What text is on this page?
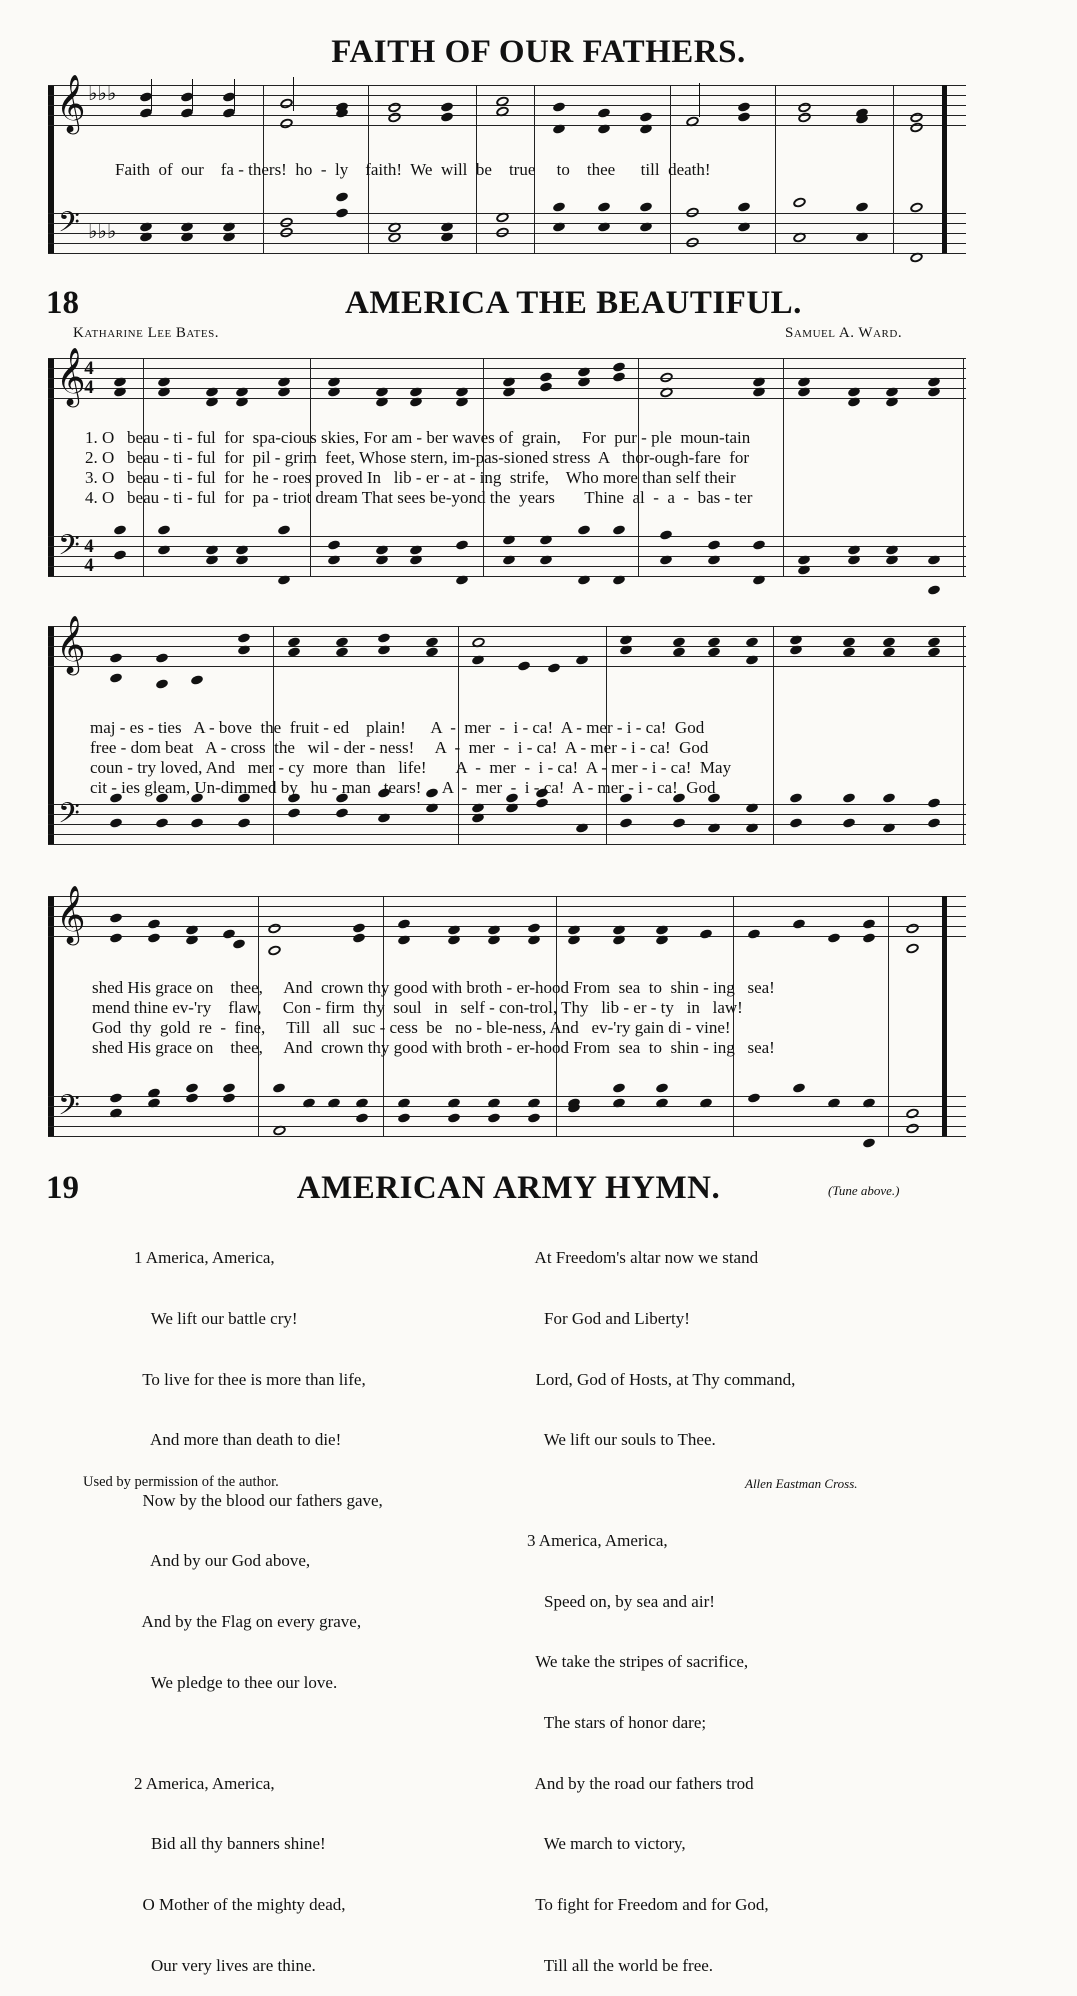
FAITH OF OUR FATHERS.
𝄞
𝄢
♭♭♭
♭♭♭
Faith  of  our    fa - thers!  ho  -  ly    faith!  We  will  be    true     to    thee      till  death!
18	AMERICA THE BEAUTIFUL.
Katharine Lee Bates.	Samuel A. Ward.
𝄞
𝄢
4
4
4
4
1. O   beau - ti - ful  for  spa-cious skies, For am - ber waves of  grain,     For  pur - ple  moun-tain
2. O   beau - ti - ful  for  pil - grim  feet, Whose stern, im-pas-sioned stress  A   thor-ough-fare  for
3. O   beau - ti - ful  for  he - roes proved In   lib - er - at - ing  strife,    Who more than self their
4. O   beau - ti - ful  for  pa - triot dream That sees be-yond the  years       Thine  al  -  a  -  bas - ter
𝄞
𝄢
maj - es - ties   A - bove  the  fruit - ed    plain!      A  -  mer  -  i - ca!  A - mer - i - ca!  God
free - dom beat   A - cross  the   wil - der - ness!     A  -  mer  -  i - ca!  A - mer - i - ca!  God
coun - try loved, And   mer - cy  more  than   life!       A  -  mer  -  i - ca!  A - mer - i - ca!  May
cit - ies gleam, Un-dimmed by   hu - man   tears!     A  -  mer  -  i - ca!  A - mer - i - ca!  God
𝄞
𝄢
shed His grace on    thee,     And  crown thy good with broth - er-hood From  sea  to  shin - ing   sea!
mend thine ev-'ry    flaw,     Con - firm  thy  soul   in   self - con-trol, Thy   lib - er - ty   in   law!
God  thy  gold  re  -  fine,     Till   all   suc - cess  be   no - ble-ness, And   ev-'ry gain di - vine!
shed His grace on    thee,     And  crown thy good with broth - er-hood From  sea  to  shin - ing   sea!
19	AMERICAN ARMY HYMN.	(Tune above.)

1 America, America,

We lift our battle cry!

To live for thee is more than life,

And more than death to die!

Now by the blood our fathers gave,

And by our God above,

And by the Flag on every grave,

We pledge to thee our love.

2 America, America,

Bid all thy banners shine!

O Mother of the mighty dead,

Our very lives are thine.

At Freedom's altar now we stand

For God and Liberty!

Lord, God of Hosts, at Thy command,

We lift our souls to Thee.

3 America, America,

Speed on, by sea and air!

We take the stripes of sacrifice,

The stars of honor dare;

And by the road our fathers trod

We march to victory,

To fight for Freedom and for God,

Till all the world be free.

Used by permission of the author.	Allen Eastman Cross.
